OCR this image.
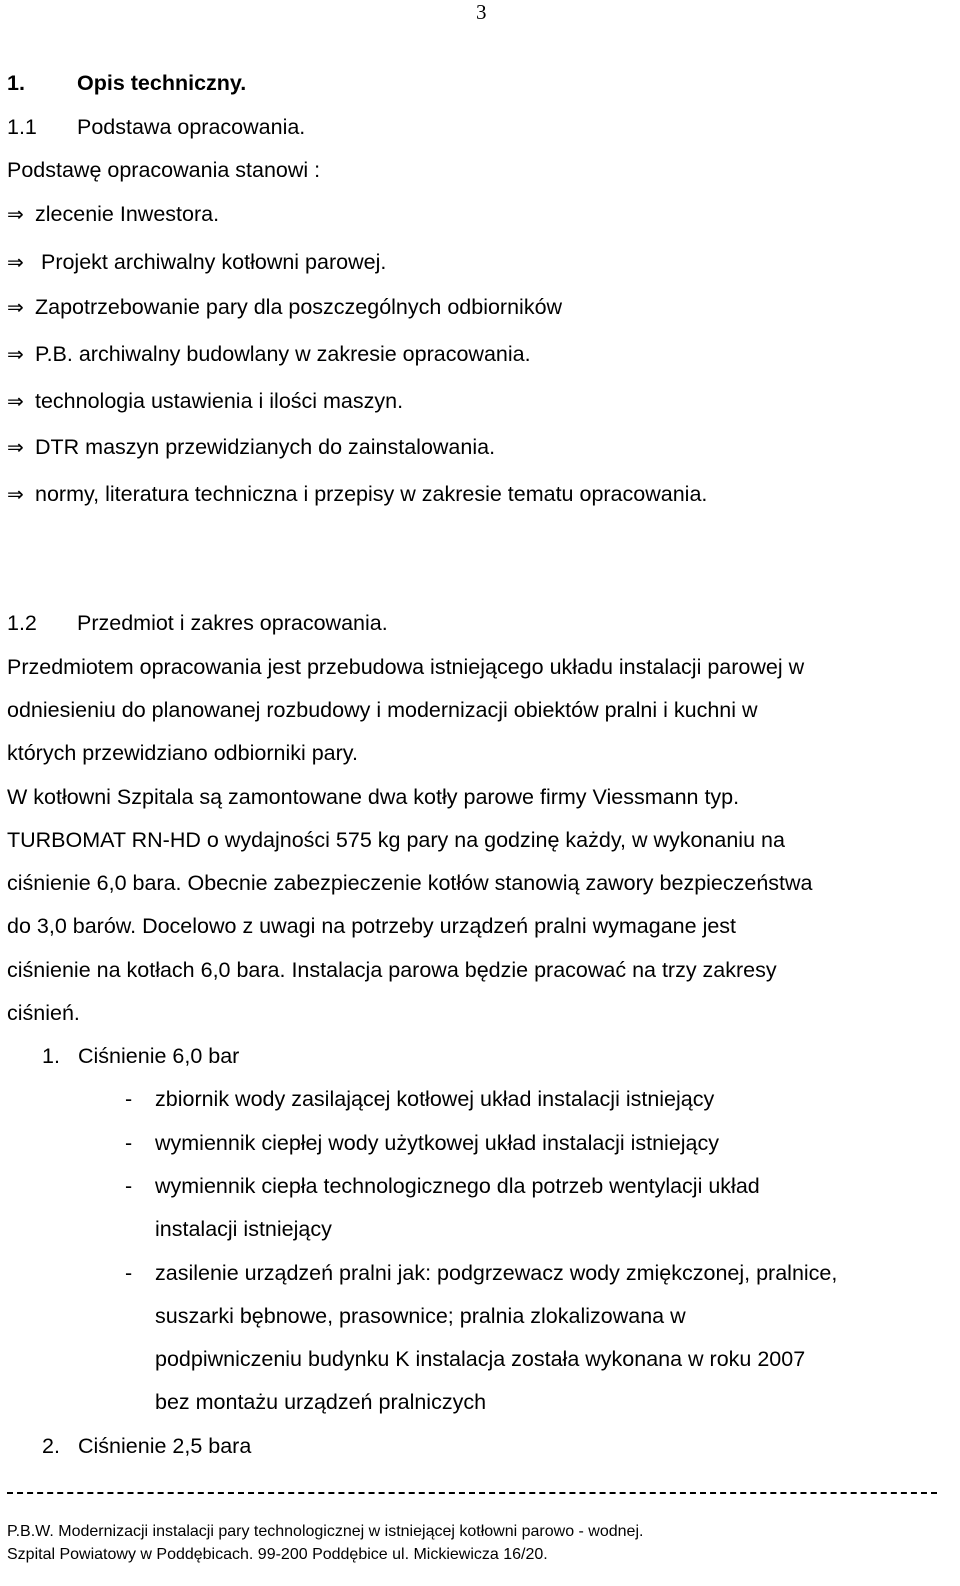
3
1. Opis techniczny.
1.1 Podstawa opracowania.
Podstawę opracowania stanowi :
⇒ zlecenie Inwestora.
⇒ Projekt archiwalny kotłowni parowej.
⇒ Zapotrzebowanie pary dla poszczególnych odbiorników
⇒ P.B. archiwalny budowlany w zakresie opracowania.
⇒ technologia ustawienia i ilości maszyn.
⇒ DTR maszyn przewidzianych do zainstalowania.
⇒ normy, literatura techniczna i przepisy w zakresie tematu opracowania.
1.2 Przedmiot i zakres opracowania.
Przedmiotem opracowania jest przebudowa istniejącego układu instalacji parowej w
odniesieniu do planowanej rozbudowy i modernizacji obiektów pralni i kuchni w
których przewidziano odbiorniki pary.
W kotłowni Szpitala są zamontowane dwa kotły parowe firmy Viessmann typ.
TURBOMAT RN-HD o wydajności 575 kg pary na godzinę każdy, w wykonaniu na
ciśnienie 6,0 bara. Obecnie zabezpieczenie kotłów stanowią zawory bezpieczeństwa
do 3,0 barów. Docelowo z uwagi na potrzeby urządzeń pralni wymagane jest
ciśnienie na kotłach 6,0 bara. Instalacja parowa będzie pracować na trzy zakresy
ciśnień.
1. Ciśnienie 6,0 bar
- zbiornik wody zasilającej kotłowej układ instalacji istniejący
- wymiennik ciepłej wody użytkowej układ instalacji istniejący
- wymiennik ciepła technologicznego dla potrzeb wentylacji układ
instalacji istniejący
- zasilenie urządzeń pralni jak: podgrzewacz wody zmiękczonej, pralnice,
suszarki bębnowe, prasownice; pralnia zlokalizowana w
podpiwniczeniu budynku K instalacja została wykonana w roku 2007
bez montażu urządzeń pralniczych
2. Ciśnienie 2,5 bara
P.B.W. Modernizacji instalacji pary technologicznej w istniejącej kotłowni parowo - wodnej.
Szpital Powiatowy w Poddębicach. 99-200 Poddębice ul. Mickiewicza 16/20.
